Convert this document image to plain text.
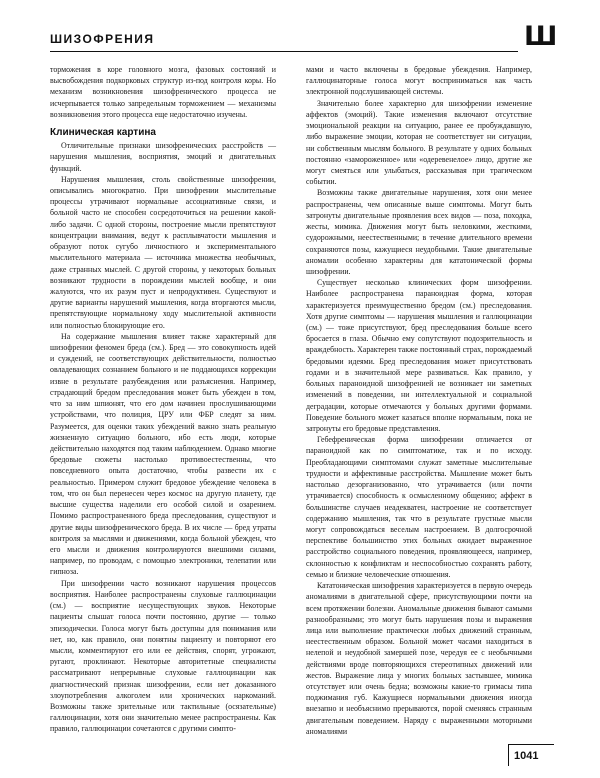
ШИЗОФРЕНИЯ	Ш

торможения в коре головного мозга, фазовых состояний и высвобождения подкорковых структур из-под контроля коры. Но механизм возникновения шизофренического процесса не исчерпывается только запредельным торможением — механизмы возникновения этого процесса еще недостаточно изучены.

Клиническая картина

Отличительные признаки шизофренических расстройств — нарушения мышления, восприятия, эмоций и двигательных функций.

Нарушения мышления, столь свойственные шизофрении, описывались многократно. При шизофрении мыслительные процессы утрачивают нормальные ассоциативные связи, и больной часто не способен сосредоточиться на решении какой-либо задачи. С одной стороны, построение мысли препятствуют концентрации внимания, ведут к расплывчатости мышления и образуют поток сугубо личностного и экспериментального мыслительного материала — источника множества необычных, даже странных мыслей. С другой стороны, у некоторых больных возникают трудности в порождении мыслей вообще, и они жалуются, что их разум пуст и непродуктивен. Существуют и другие варианты нарушений мышления, когда вторгаются мысли, препятствующие нормальному ходу мыслительной активности или полностью блокирующие его.

На содержание мышления влияет также характерный для шизофрении феномен бреда (см.). Бред — это совокупность идей и суждений, не соответствующих действительности, полностью овладевающих сознанием больного и не поддающихся коррекции извне в результате разубеждения или разъяснения. Например, страдающий бредом преследования может быть убежден в том, что за ним шпионят, что его дом начинен прослушивающими устройствами, что полиция, ЦРУ или ФБР следят за ним. Разумеется, для оценки таких убеждений важно знать реальную жизненную ситуацию больного, ибо есть люди, которые действительно находятся под таким наблюдением. Однако многие бредовые сюжеты настолько противоестественны, что повседневного опыта достаточно, чтобы развести их с реальностью. Примером служит бредовое убеждение человека в том, что он был перенесен через космос на другую планету, где высшие существа наделили его особой силой и озарением. Помимо распространенного бреда преследования, существуют и другие виды шизофренического бреда. В их числе — бред утраты контроля за мыслями и движениями, когда больной убежден, что его мысли и движения контролируются внешними силами, например, по проводам, с помощью электроники, телепатии или гипноза.

При шизофрении часто возникают нарушения процессов восприятия. Наиболее распространены слуховые галлюцинации (см.) — восприятие несуществующих звуков. Некоторые пациенты слышат голоса почти постоянно, другие — только эпизодически. Голоса могут быть доступны для понимания или нет, но, как правило, они понятны пациенту и повторяют его мысли, комментируют его или ее действия, спорят, угрожают, ругают, проклинают. Некоторые авторитетные специалисты рассматривают непрерывные слуховые галлюцинации как диагностический признак шизофрении, если нет доказанного злоупотребления алкоголем или хронических наркоманий. Возможны также зрительные или тактильные (осязательные) галлюцинации, хотя они значительно менее распространены. Как правило, галлюцинации сочетаются с другими симпто-

мами и часто включены в бредовые убеждения. Например, галлюцинаторные голоса могут восприниматься как часть электронной подслушивающей системы.

Значительно более характерно для шизофрении изменение аффектов (эмоций). Такие изменения включают отсутствие эмоциональной реакции на ситуацию, ранее ее пробуждавшую, либо выражение эмоции, которая не соответствует ни ситуации, ни собственным мыслям больного. В результате у одних больных постоянно «замороженное» или «одеревенелое» лицо, другие же могут смеяться или улыбаться, рассказывая при трагическом событии.

Возможны также двигательные нарушения, хотя они менее распространены, чем описанные выше симптомы. Могут быть затронуты двигательные проявления всех видов — поза, походка, жесты, мимика. Движения могут быть неловкими, жесткими, судорожными, неестественными; в течение длительного времени сохраняются позы, кажущиеся неудобными. Такие двигательные аномалии особенно характерны для кататонической формы шизофрении.

Существует несколько клинических форм шизофрении. Наиболее распространена параноидная форма, которая характеризуется преимущественно бредом (см.) преследования. Хотя другие симптомы — нарушения мышления и галлюцинации (см.) — тоже присутствуют, бред преследования больше всего бросается в глаза. Обычно ему сопутствуют подозрительность и враждебность. Характерен также постоянный страх, порождаемый бредовыми идеями. Бред преследования может присутствовать годами и в значительной мере развиваться. Как правило, у больных параноидной шизофренией не возникает ни заметных изменений в поведении, ни интеллектуальной и социальной деградации, которые отмечаются у больных другими формами. Поведение больного может казаться вполне нормальным, пока не затронуты его бредовые представления.

Гебефреническая форма шизофрении отличается от параноидной как по симптоматике, так и по исходу. Преобладающими симптомами служат заметные мыслительные трудности и аффективные расстройства. Мышление может быть настолько дезорганизованно, что утрачивается (или почти утрачивается) способность к осмысленному общению; аффект в большинстве случаев неадекватен, настроение не соответствует содержанию мышления, так что в результате грустные мысли могут сопровождаться веселым настроением. В долгосрочной перспективе большинство этих больных ожидает выраженное расстройство социального поведения, проявляющееся, например, склонностью к конфликтам и неспособностью сохранять работу, семью и близкие человеческие отношения.

Кататоническая шизофрения характеризуется в первую очередь аномалиями в двигательной сфере, присутствующими почти на всем протяжении болезни. Аномальные движения бывают самыми разнообразными; это могут быть нарушения позы и выражения лица или выполнение практически любых движений странным, неестественным образом. Больной может часами находиться в нелепой и неудобной замершей позе, чередуя ее с необычными действиями вроде повторяющихся стереотипных движений или жестов. Выражение лица у многих больных застывшее, мимика отсутствует или очень бедна; возможны какие-то гримасы типа поджимания губ. Кажущиеся нормальными движения иногда внезапно и необъяснимо прерываются, порой сменяясь странным двигательным поведением. Наряду с выраженными моторными аномалиями

1041
